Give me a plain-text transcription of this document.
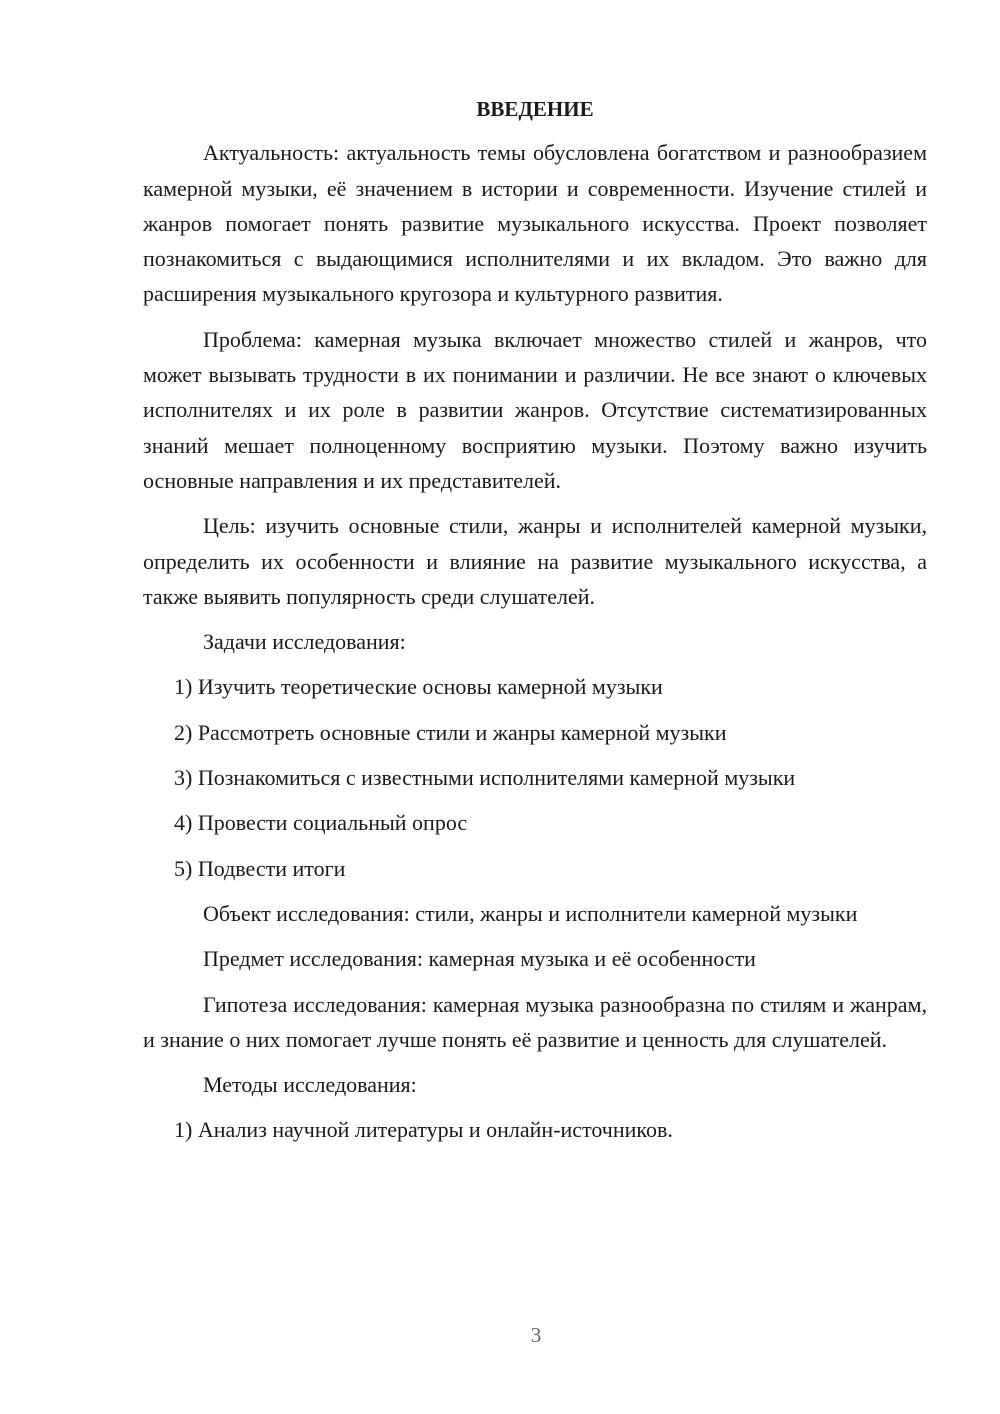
ВВЕДЕНИЕ

Актуальность: актуальность темы обусловлена богатством и разнообразием камерной музыки, её значением в истории и современности. Изучение стилей и жанров помогает понять развитие музыкального искусства. Проект позволяет познакомиться с выдающимися исполнителями и их вкладом. Это важно для расширения музыкального кругозора и культурного развития.

Проблема: камерная музыка включает множество стилей и жанров, что может вызывать трудности в их понимании и различии. Не все знают о ключевых исполнителях и их роле в развитии жанров. Отсутствие систематизированных знаний мешает полноценному восприятию музыки. Поэтому важно изучить основные направления и их представителей.

Цель: изучить основные стили, жанры и исполнителей камерной музыки, определить их особенности и влияние на развитие музыкального искусства, а также выявить популярность среди слушателей.

Задачи исследования:

1) Изучить теоретические основы камерной музыки
2) Рассмотреть основные стили и жанры камерной музыки
3) Познакомиться с известными исполнителями камерной музыки
4) Провести социальный опрос
5) Подвести итоги

Объект исследования: стили, жанры и исполнители камерной музыки

Предмет исследования: камерная музыка и её особенности

Гипотеза исследования: камерная музыка разнообразна по стилям и жанрам, и знание о них помогает лучше понять её развитие и ценность для слушателей.

Методы исследования:

1) Анализ научной литературы и онлайн-источников.
3
